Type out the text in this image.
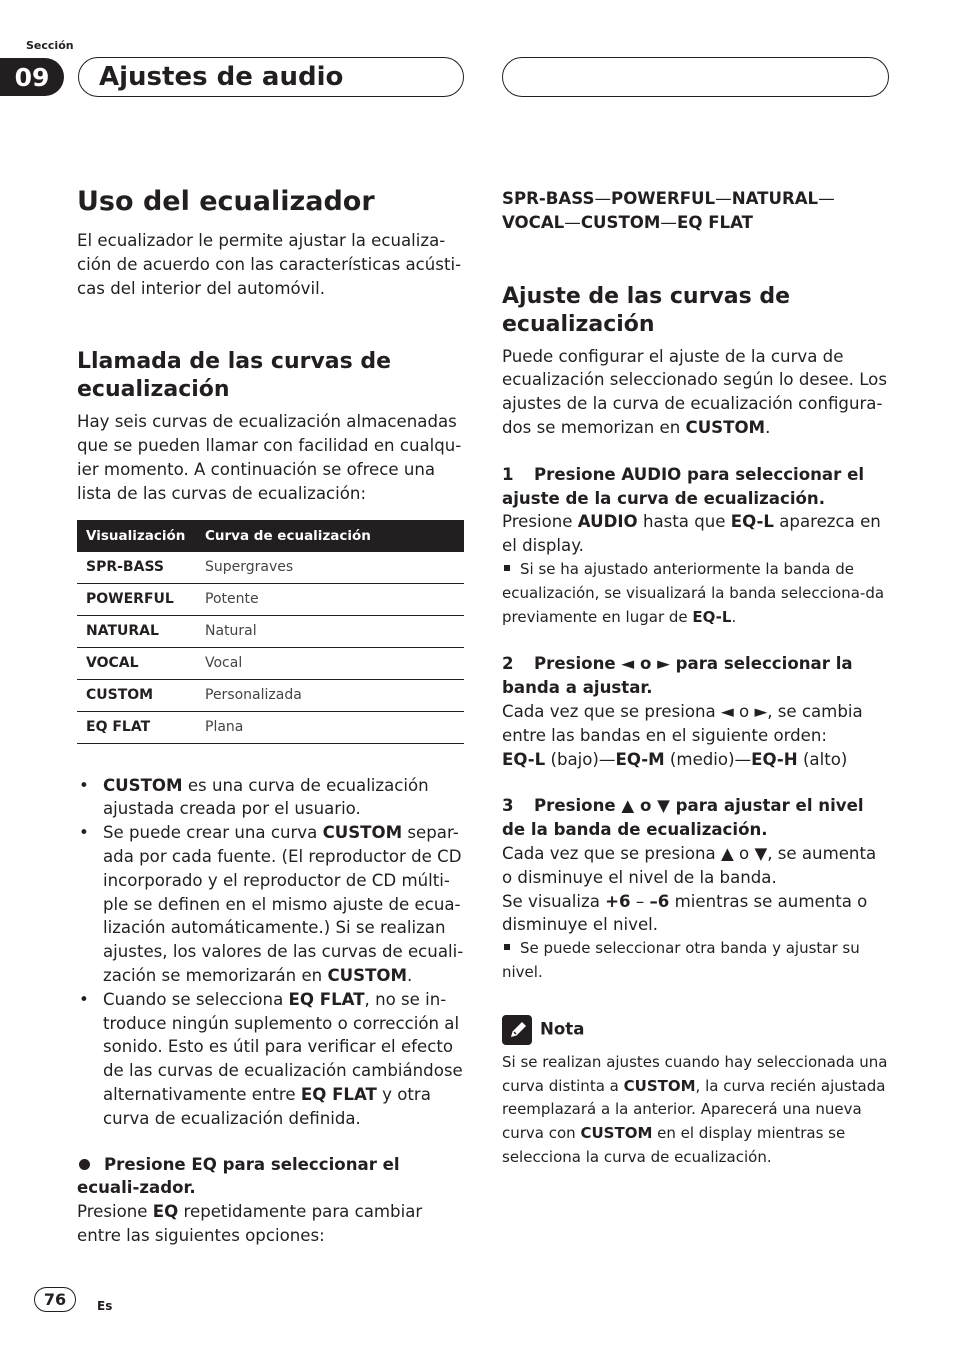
Sección
09	Ajustes de audio
Uso del ecualizador

El ecualizador le permite ajustar la ecualiza-ción de acuerdo con las características acústi-cas del interior del automóvil.

Llamada de las curvas de ecualización

Hay seis curvas de ecualización almacenadas que se pueden llamar con facilidad en cualqu-ier momento. A continuación se ofrece una lista de las curvas de ecualización:

Visualización	Curva de ecualización
SPR-BASS	Supergraves
POWERFUL	Potente
NATURAL	Natural
VOCAL	Vocal
CUSTOM	Personalizada
EQ FLAT	Plana
• CUSTOM es una curva de ecualización ajustada creada por el usuario.
• Se puede crear una curva CUSTOM separ-ada por cada fuente. (El reproductor de CD incorporado y el reproductor de CD múlti-ple se definen en el mismo ajuste de ecua-lización automáticamente.) Si se realizan ajustes, los valores de las curvas de ecuali-zación se memorizarán en CUSTOM.
• Cuando se selecciona EQ FLAT, no se in-troduce ningún suplemento o corrección al sonido. Esto es útil para verificar el efecto de las curvas de ecualización cambiándose alternativamente entre EQ FLAT y otra curva de ecualización definida.

Presione EQ para seleccionar el ecuali-zador.

Presione EQ repetidamente para cambiar entre las siguientes opciones:

SPR-BASS—POWERFUL—NATURAL—
VOCAL—CUSTOM—EQ FLAT

Ajuste de las curvas de ecualización

Puede configurar el ajuste de la curva de ecualización seleccionado según lo desee. Los ajustes de la curva de ecualización configura-dos se memorizan en CUSTOM.

1 Presione AUDIO para seleccionar el ajuste de la curva de ecualización.

Presione AUDIO hasta que EQ-L aparezca en el display.

Si se ha ajustado anteriormente la banda de ecualización, se visualizará la banda selecciona-da previamente en lugar de EQ-L.

2 Presione ◄ o ► para seleccionar la banda a ajustar.

Cada vez que se presiona ◄ o ►, se cambia entre las bandas en el siguiente orden:

EQ-L (bajo)—EQ-M (medio)—EQ-H (alto)

3 Presione ▲ o ▼ para ajustar el nivel de la banda de ecualización.

Cada vez que se presiona ▲ o ▼, se aumenta o disminuye el nivel de la banda.

Se visualiza +6 – –6 mientras se aumenta o disminuye el nivel.

Se puede seleccionar otra banda y ajustar su nivel.

Nota

Si se realizan ajustes cuando hay seleccionada una curva distinta a CUSTOM, la curva recién ajustada reemplazará a la anterior. Aparecerá una nueva curva con CUSTOM en el display mientras se selecciona la curva de ecualización.

76	Es
